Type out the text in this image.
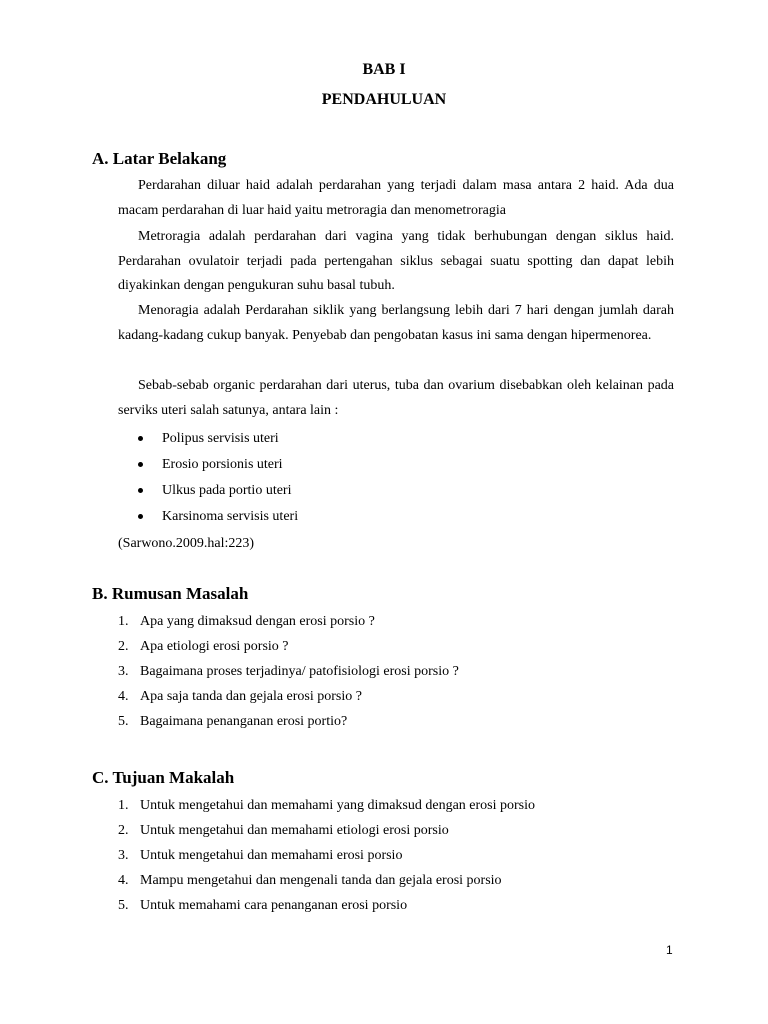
BAB I
PENDAHULUAN
A. Latar Belakang

Perdarahan diluar haid adalah perdarahan yang terjadi dalam masa antara 2 haid. Ada dua macam perdarahan di luar haid yaitu metroragia dan menometroragia

Metroragia adalah perdarahan dari vagina yang tidak berhubungan dengan siklus haid. Perdarahan ovulatoir terjadi pada pertengahan siklus sebagai suatu spotting dan dapat lebih diyakinkan dengan pengukuran suhu basal tubuh.

Menoragia adalah Perdarahan siklik yang berlangsung lebih dari 7 hari dengan jumlah darah kadang-kadang cukup banyak. Penyebab dan pengobatan kasus ini sama dengan hipermenorea.

Sebab-sebab organic perdarahan dari uterus, tuba dan ovarium disebabkan oleh kelainan pada serviks uteri salah satunya, antara lain :

Polipus servisis uteri
Erosio porsionis uteri
Ulkus pada portio uteri
Karsinoma servisis uteri
(Sarwono.2009.hal:223)
B. Rumusan Masalah
1. Apa yang dimaksud dengan erosi porsio ?
2. Apa etiologi erosi porsio ?
3. Bagaimana proses terjadinya/ patofisiologi erosi porsio ?
4. Apa saja tanda dan gejala erosi porsio ?
5. Bagaimana penanganan erosi portio?
C. Tujuan Makalah
1. Untuk mengetahui dan memahami yang dimaksud dengan erosi porsio
2. Untuk mengetahui dan memahami etiologi erosi porsio
3. Untuk mengetahui dan memahami erosi porsio
4. Mampu mengetahui dan mengenali tanda dan gejala erosi porsio
5. Untuk memahami cara penanganan erosi porsio
1
